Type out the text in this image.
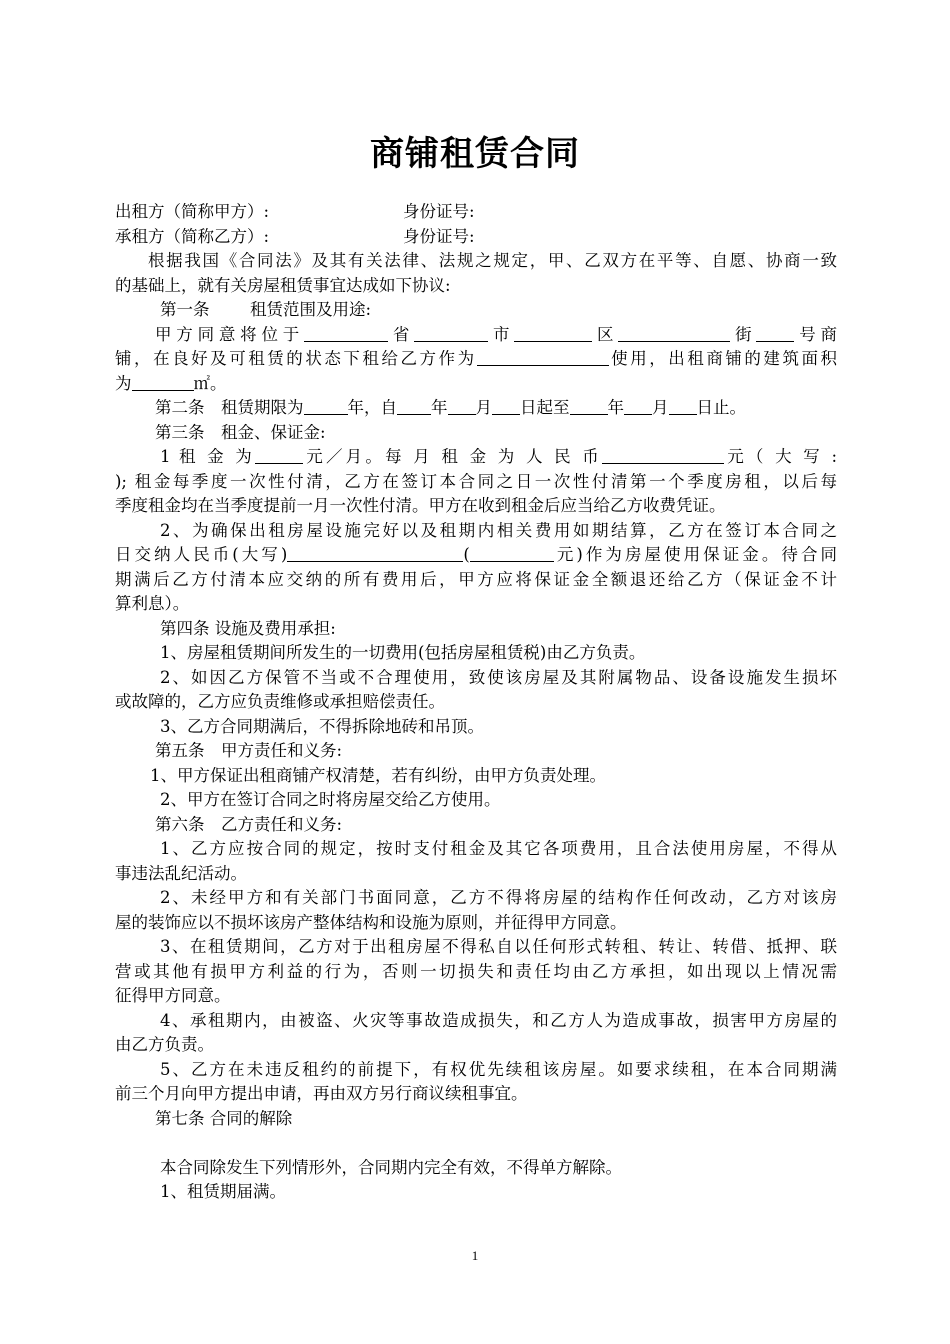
商铺租赁合同
出租方（简称甲方）:	身份证号:
承租方（简称乙方）:	身份证号:
根据我国《合同法》及其有关法律、法规之规定，甲、乙双方在平等、自愿、协商一致
的基础上，就有关房屋租赁事宜达成如下协议:
第一条 租赁范围及用途:
甲方同意将位于	省	市	区	街 号商
铺，在良好及可租赁的状态下租给乙方作为	使用，出租商铺的建筑面积
为	㎡。
第二条　租赁期限为	年，自 年 月 日起至 年 月 日止。
第三条　租金、保证金:
1 租 金 为	元／月。每 月 租 金 为 人 民 币	元（ 大 写 :
); 租金每季度一次性付清，乙方在签订本合同之日一次性付清第一个季度房租，以后每
季度租金均在当季度提前一月一次性付清。甲方在收到租金后应当给乙方收费凭证。
2、为确保出租房屋设施完好以及租期内相关费用如期结算，乙方在签订本合同之
日交纳人民币(大写)	(	元)作为房屋使用保证金。待合同
期满后乙方付清本应交纳的所有费用后，甲方应将保证金全额退还给乙方（保证金不计
算利息）。
第四条 设施及费用承担:
1、房屋租赁期间所发生的一切费用(包括房屋租赁税)由乙方负责。
2、如因乙方保管不当或不合理使用，致使该房屋及其附属物品、设备设施发生损坏
或故障的，乙方应负责维修或承担赔偿责任。
3、乙方合同期满后，不得拆除地砖和吊顶。
第五条　甲方责任和义务:
1、甲方保证出租商铺产权清楚，若有纠纷，由甲方负责处理。
2、甲方在签订合同之时将房屋交给乙方使用。
第六条　乙方责任和义务:
1、乙方应按合同的规定，按时支付租金及其它各项费用，且合法使用房屋，不得从
事违法乱纪活动。
2、未经甲方和有关部门书面同意，乙方不得将房屋的结构作任何改动，乙方对该房
屋的装饰应以不损坏该房产整体结构和设施为原则，并征得甲方同意。
3、在租赁期间，乙方对于出租房屋不得私自以任何形式转租、转让、转借、抵押、联
营或其他有损甲方利益的行为，否则一切损失和责任均由乙方承担，如出现以上情况需
征得甲方同意。
4、承租期内，由被盗、火灾等事故造成损失，和乙方人为造成事故，损害甲方房屋的
由乙方负责。
5、乙方在未违反租约的前提下，有权优先续租该房屋。如要求续租，在本合同期满
前三个月向甲方提出申请，再由双方另行商议续租事宜。
第七条 合同的解除
本合同除发生下列情形外，合同期内完全有效，不得单方解除。
1、租赁期届满。
1
